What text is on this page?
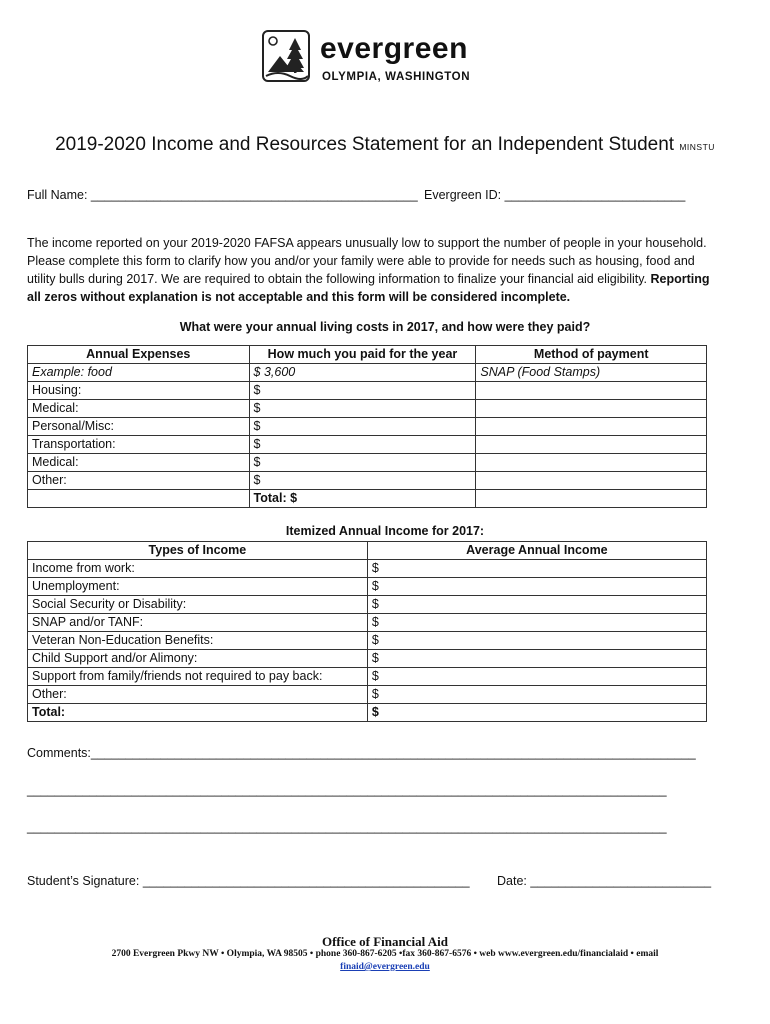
evergreen
OLYMPIA, WASHINGTON
2019-2020 Income and Resources Statement for an Independent Student MINSTU
Full Name: _______________________________________________ Evergreen ID: __________________________
The income reported on your 2019-2020 FAFSA appears unusually low to support the number of people in your household. Please complete this form to clarify how you and/or your family were able to provide for needs such as housing, food and utility bulls during 2017. We are required to obtain the following information to finalize your financial aid eligibility. Reporting all zeros without explanation is not acceptable and this form will be considered incomplete.
What were your annual living costs in 2017, and how were they paid?
Annual Expenses	How much you paid for the year	Method of payment
Example: food	$ 3,600	SNAP (Food Stamps)
Housing:	$	
Medical:	$	
Personal/Misc:	$	
Transportation:	$	
Medical:	$	
Other:	$	
	Total: $	
Itemized Annual Income for 2017:
Types of Income	Average Annual Income
Income from work:	$
Unemployment:	$
Social Security or Disability:	$
SNAP and/or TANF:	$
Veteran Non-Education Benefits:	$
Child Support and/or Alimony:	$
Support from family/friends not required to pay back:	$
Other:	$
Total:	$
Comments:_______________________________________________________________________________________
____________________________________________________________________________________________
____________________________________________________________________________________________
Student’s Signature: _______________________________________________ Date: __________________________
Office of Financial Aid
2700 Evergreen Pkwy NW • Olympia, WA 98505 • phone 360-867-6205 •fax 360-867-6576 • web www.evergreen.edu/financialaid • email
finaid@evergreen.edu
